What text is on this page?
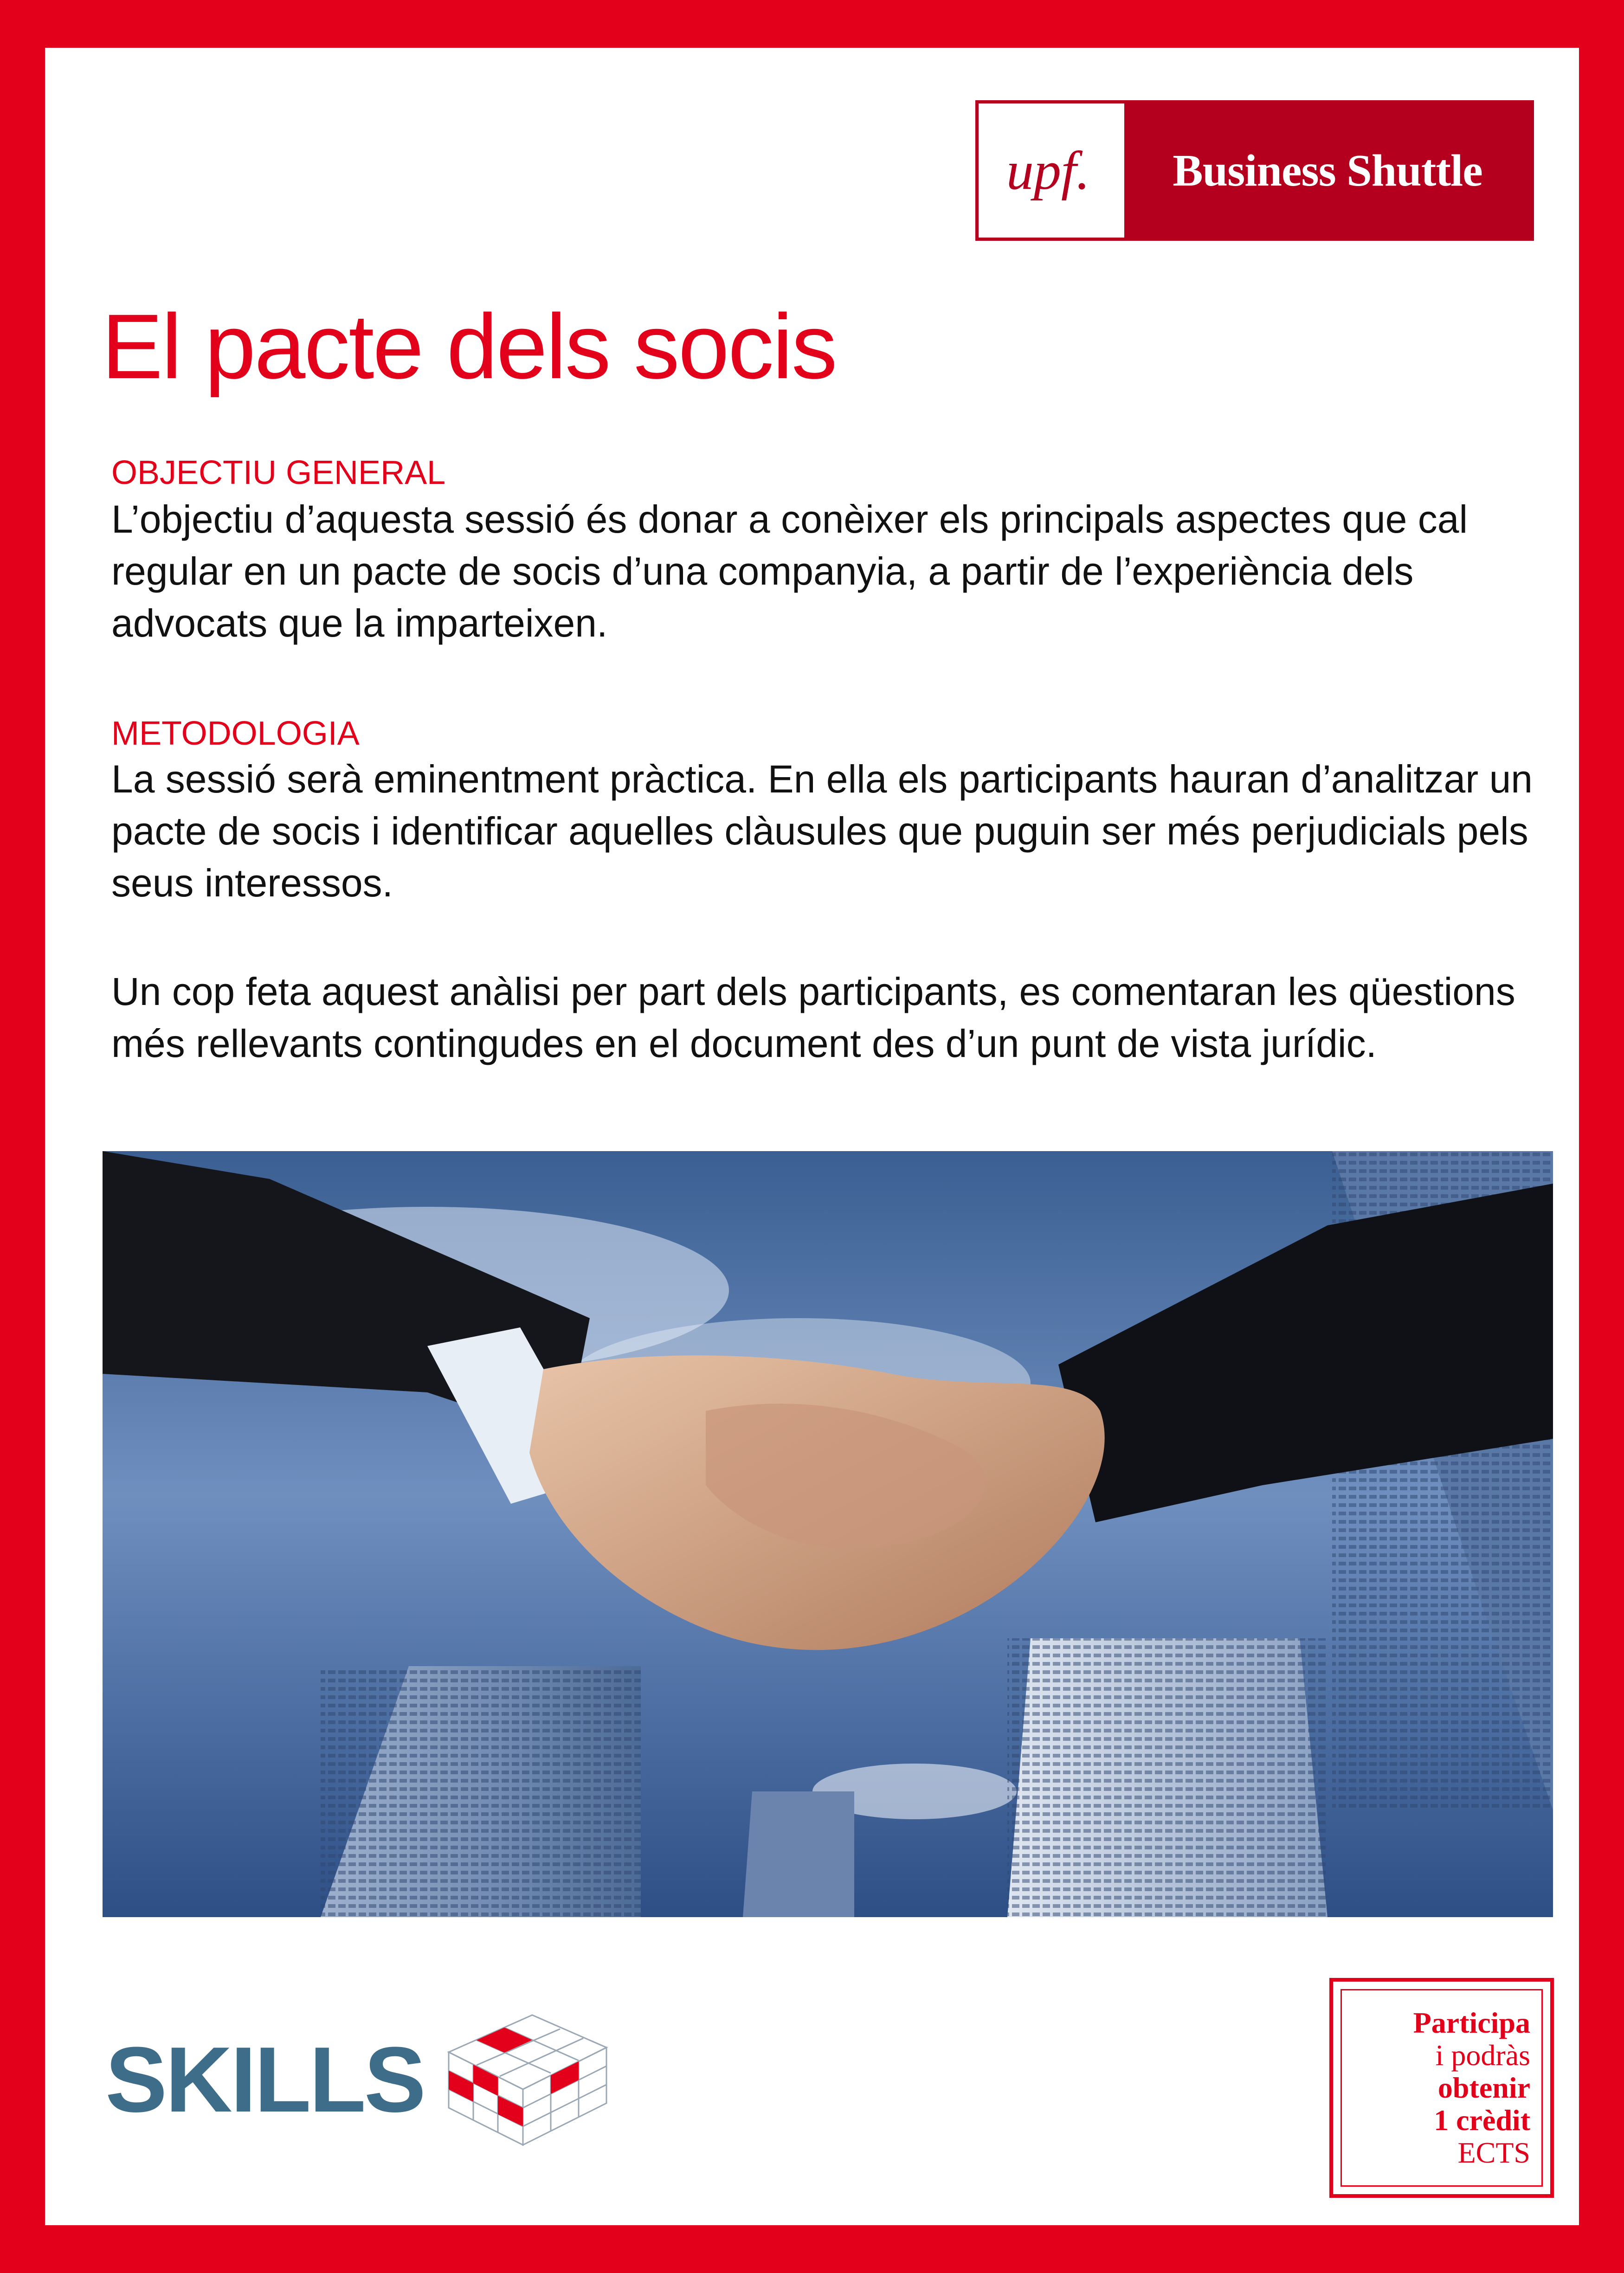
upf.	Business Shuttle
El pacte dels socis

OBJECTIU GENERAL

L’objectiu d’aquesta sessió és donar a conèixer els principals aspectes que cal regular en un pacte de socis d’una companyia, a partir de l’experiència dels advocats que la imparteixen.

METODOLOGIA

La sessió serà eminentment pràctica. En ella els participants hauran d’analitzar un pacte de socis i identificar aquelles clàusules que puguin ser més perjudicials pels seus interessos.

Un cop feta aquest anàlisi per part dels participants, es comentaran les qüestions més rellevants contingudes en el document des d’un punt de vista jurídic.

SKILLS
Participa
i podràs
obtenir
1 crèdit
ECTS
